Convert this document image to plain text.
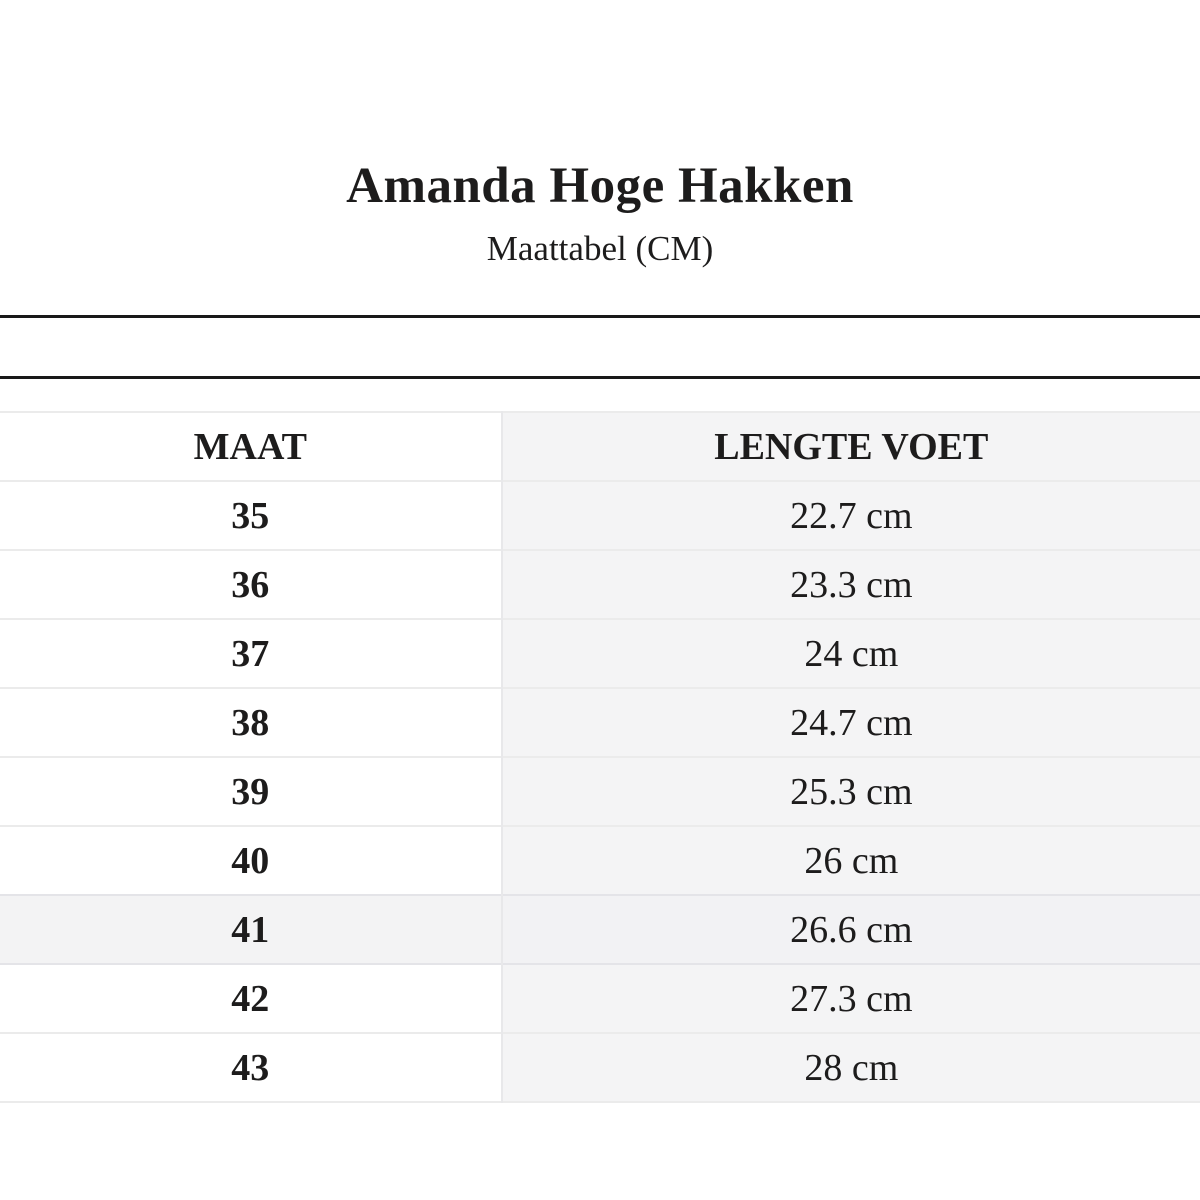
Amanda Hoge Hakken
Maattabel (CM)
MAAT	LENGTE VOET
35	22.7 cm
36	23.3 cm
37	24 cm
38	24.7 cm
39	25.3 cm
40	26 cm
41	26.6 cm
42	27.3 cm
43	28 cm
